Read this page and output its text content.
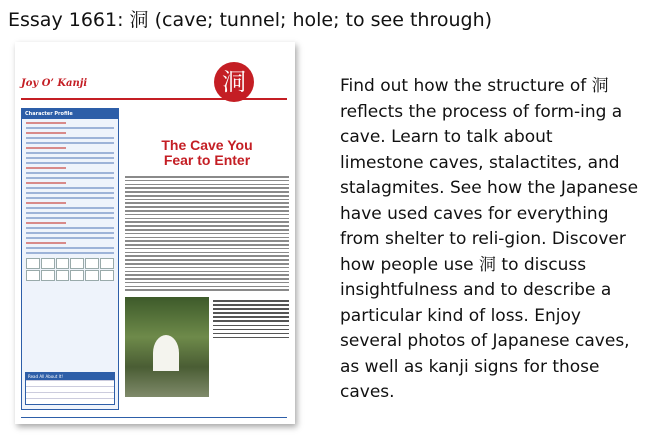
Essay 1661: 洞 (cave; tunnel; hole; to see through)
Joy O’ Kanji	洞
Character Profile
Read All About It!
The Cave You
Fear to Enter
Find out how the structure of 洞 reflects the process of form-ing a cave. Learn to talk about limestone caves, stalactites, and stalagmites. See how the Japanese have used caves for everything from shelter to reli-gion. Discover how people use 洞 to discuss insightfulness and to describe a particular kind of loss. Enjoy several photos of Japanese caves, as well as kanji signs for those caves.
